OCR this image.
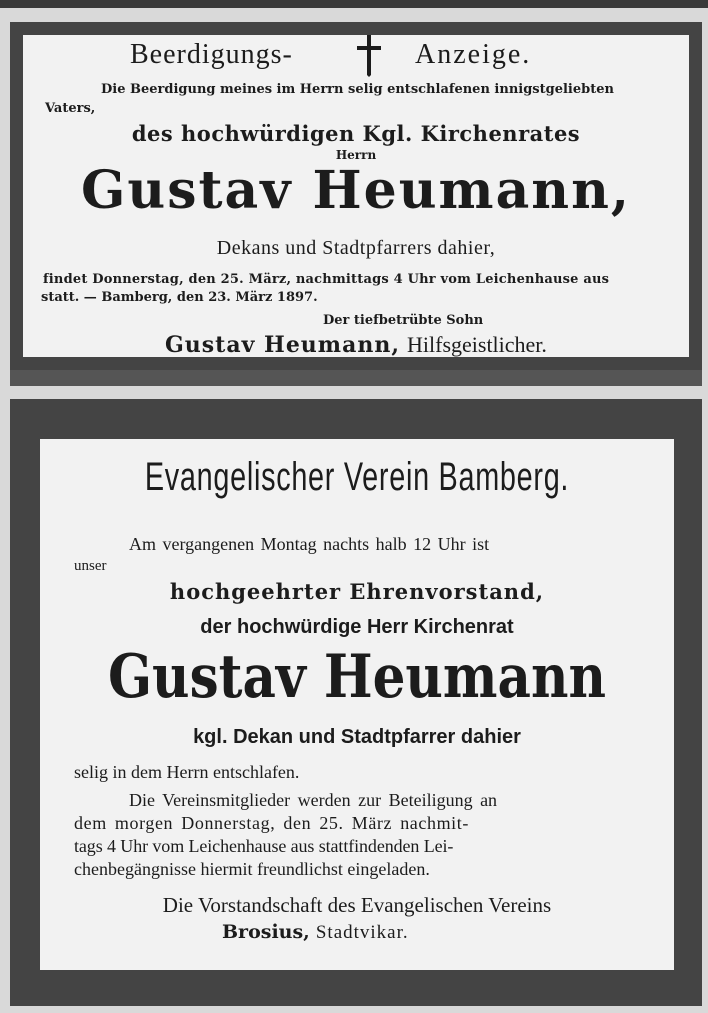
Beerdigungs-	Anzeige.
Die Beerdigung meines im Herrn selig entschlafenen innigstgeliebten
Vaters,
des hochwürdigen Kgl. Kirchenrates
Herrn
Gustav Heumann,
Dekans und Stadtpfarrers dahier,
findet Donnerstag, den 25. März, nachmittags 4 Uhr vom Leichenhause aus
statt. — Bamberg, den 23. März 1897.
Der tiefbetrübte Sohn
Gustav Heumann, Hilfsgeistlicher.
Evangelischer Verein Bamberg.
Am vergangenen Montag nachts halb 12 Uhr ist
unser
hochgeehrter Ehrenvorstand,
der hochwürdige Herr Kirchenrat
Gustav Heumann
kgl. Dekan und Stadtpfarrer dahier
selig in dem Herrn entschlafen.
Die Vereinsmitglieder werden zur Beteiligung an
dem morgen Donnerstag, den 25. März nachmit-
tags 4 Uhr vom Leichenhause aus stattfindenden Lei-
chenbegängnisse hiermit freundlichst eingeladen.
Die Vorstandschaft des Evangelischen Vereins
Brosius, Stadtvikar.
